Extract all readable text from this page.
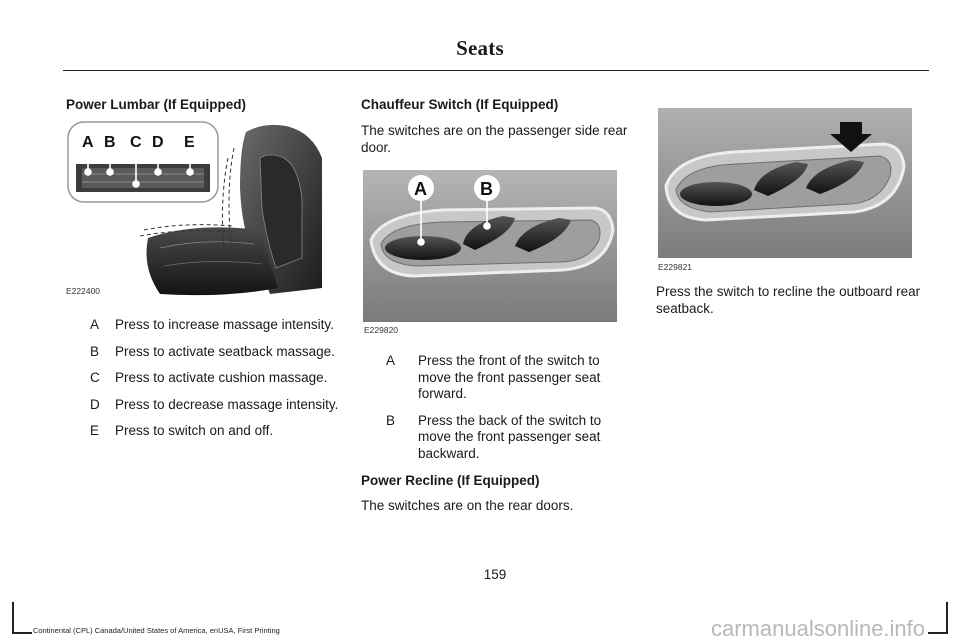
Seats
Power Lumbar (If Equipped)
A B C D E
E222400
A	Press to increase massage intensity.
B	Press to activate seatback massage.
C	Press to activate cushion massage.
D	Press to decrease massage intensity.
E	Press to switch on and off.
Chauffeur Switch (If Equipped)
The switches are on the passenger side rear door.
A	B
E229820
A	Press the front of the switch to move the front passenger seat forward.
B	Press the back of the switch to move the front passenger seat backward.
Power Recline (If Equipped)
The switches are on the rear doors.
E229821
Press the switch to recline the outboard rear seatback.
159
Continental (CPL) Canada/United States of America, enUSA, First Printing	carmanualsonline.info
